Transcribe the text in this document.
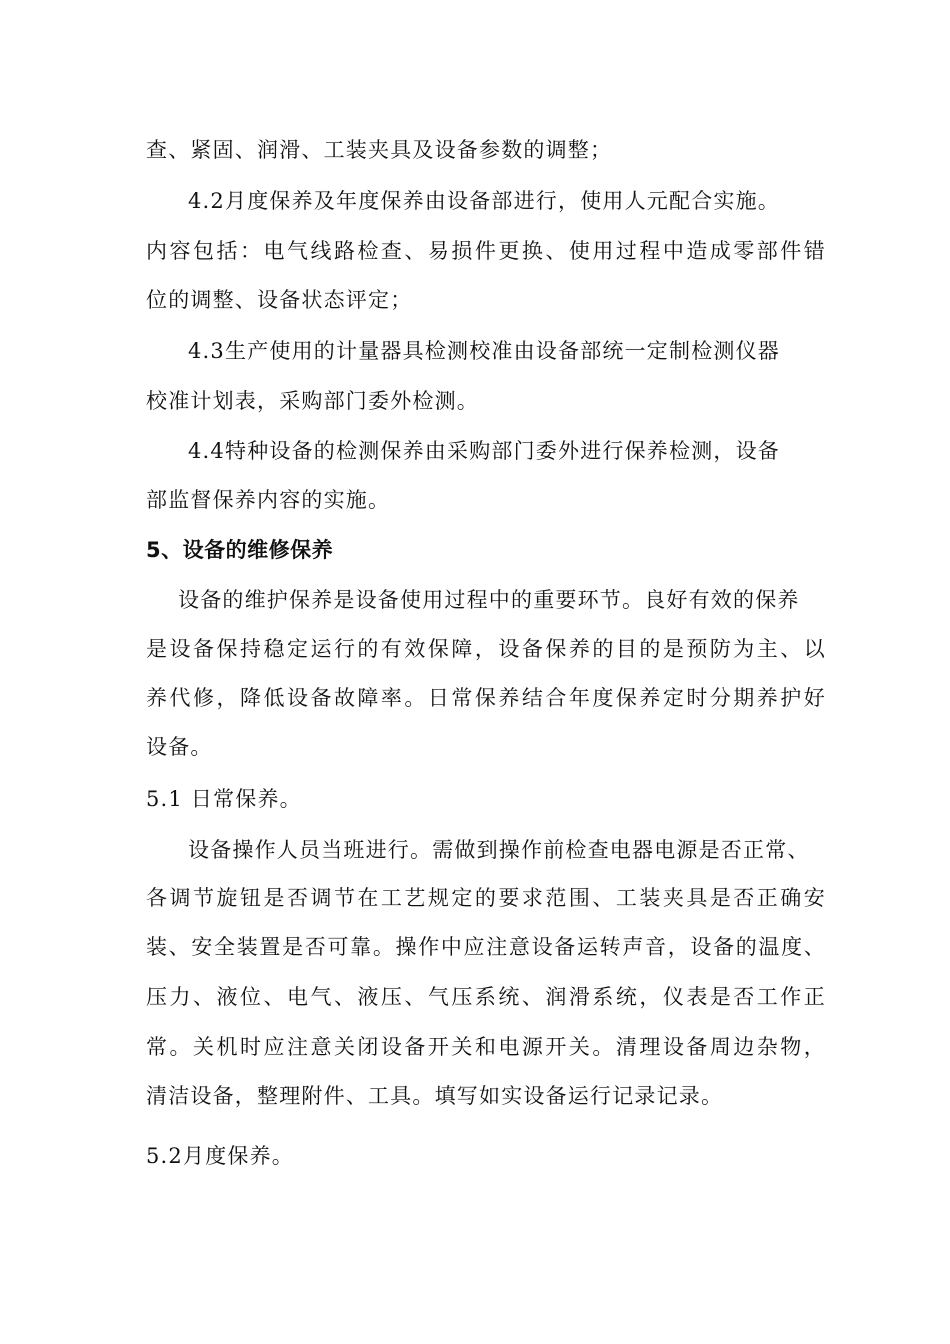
查、紧固、润滑、工装夹具及设备参数的调整；

4.2月度保养及年度保养由设备部进行，使用人元配合实施。

内容包括：电气线路检查、易损件更换、使用过程中造成零部件错

位的调整、设备状态评定；

4.3生产使用的计量器具检测校准由设备部统一定制检测仪器

校准计划表，采购部门委外检测。

4.4特种设备的检测保养由采购部门委外进行保养检测，设备

部监督保养内容的实施。

5、设备的维修保养

设备的维护保养是设备使用过程中的重要环节。良好有效的保养

是设备保持稳定运行的有效保障，设备保养的目的是预防为主、以

养代修，降低设备故障率。日常保养结合年度保养定时分期养护好

设备。

5.1 日常保养。

设备操作人员当班进行。需做到操作前检查电器电源是否正常、

各调节旋钮是否调节在工艺规定的要求范围、工装夹具是否正确安

装、安全装置是否可靠。操作中应注意设备运转声音，设备的温度、

压力、液位、电气、液压、气压系统、润滑系统，仪表是否工作正

常。关机时应注意关闭设备开关和电源开关。清理设备周边杂物，

清洁设备，整理附件、工具。填写如实设备运行记录记录。

5.2月度保养。
